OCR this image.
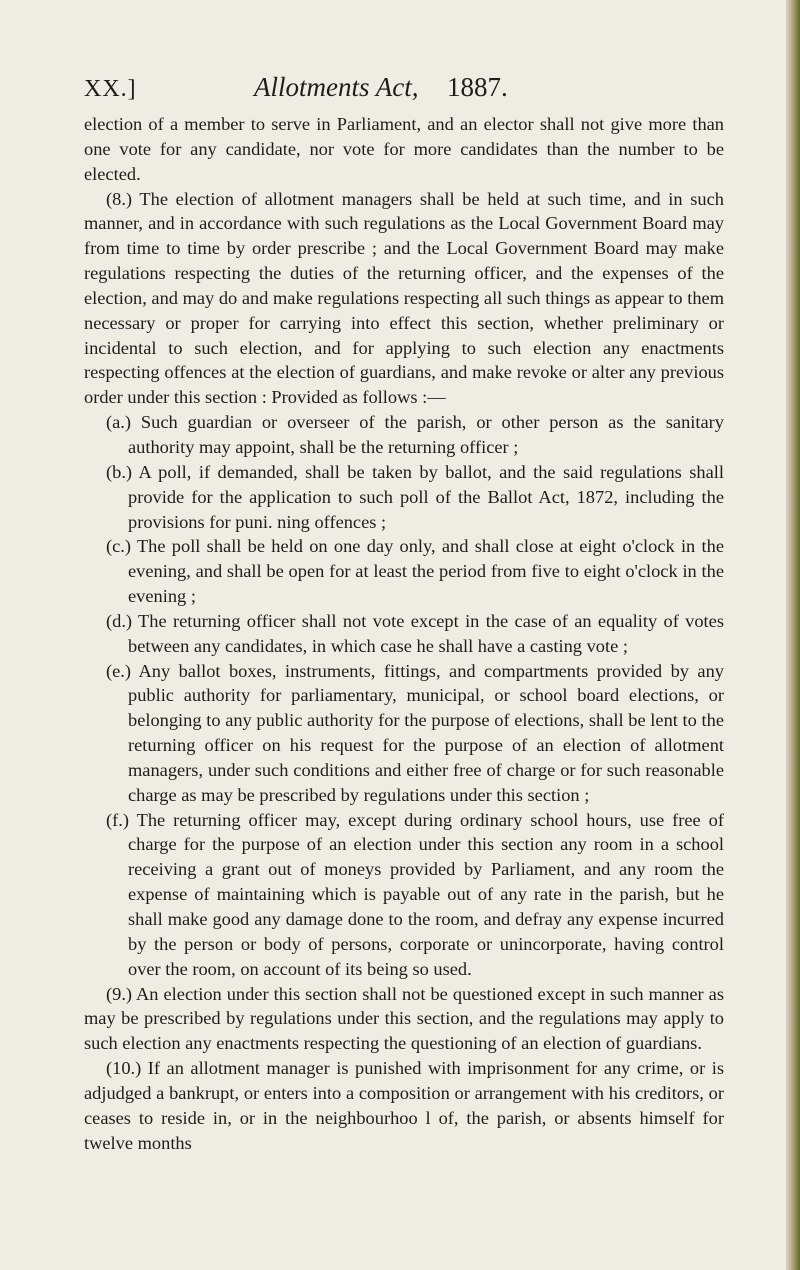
XX.]	Allotments Act, 1887.

election of a member to serve in Parliament, and an elector shall not give more than one vote for any candidate, nor vote for more candidates than the number to be elected.

(8.) The election of allotment managers shall be held at such time, and in such manner, and in accordance with such regulations as the Local Government Board may from time to time by order prescribe ; and the Local Government Board may make regulations respecting the duties of the returning officer, and the expenses of the election, and may do and make regulations respecting all such things as appear to them necessary or proper for carrying into effect this section, whether preliminary or incidental to such election, and for applying to such election any enactments respecting offences at the election of guardians, and make revoke or alter any previous order under this section : Provided as follows :—

(a.) Such guardian or overseer of the parish, or other person as the sanitary authority may appoint, shall be the returning officer ;

(b.) A poll, if demanded, shall be taken by ballot, and the said regulations shall provide for the application to such poll of the Ballot Act, 1872, including the provisions for puni. ning offences ;

(c.) The poll shall be held on one day only, and shall close at eight o'clock in the evening, and shall be open for at least the period from five to eight o'clock in the evening ;

(d.) The returning officer shall not vote except in the case of an equality of votes between any candidates, in which case he shall have a casting vote ;

(e.) Any ballot boxes, instruments, fittings, and compartments provided by any public authority for parliamentary, municipal, or school board elections, or belonging to any public authority for the purpose of elections, shall be lent to the returning officer on his request for the purpose of an election of allotment managers, under such conditions and either free of charge or for such reasonable charge as may be prescribed by regulations under this section ;

(f.) The returning officer may, except during ordinary school hours, use free of charge for the purpose of an election under this section any room in a school receiving a grant out of moneys provided by Parliament, and any room the expense of maintaining which is payable out of any rate in the parish, but he shall make good any damage done to the room, and defray any expense incurred by the person or body of persons, corporate or unincorporate, having control over the room, on account of its being so used.

(9.) An election under this section shall not be questioned except in such manner as may be prescribed by regulations under this section, and the regulations may apply to such election any enactments respecting the questioning of an election of guardians.

(10.) If an allotment manager is punished with imprisonment for any crime, or is adjudged a bankrupt, or enters into a composition or arrangement with his creditors, or ceases to reside in, or in the neighbourhoo l of, the parish, or absents himself for twelve months
